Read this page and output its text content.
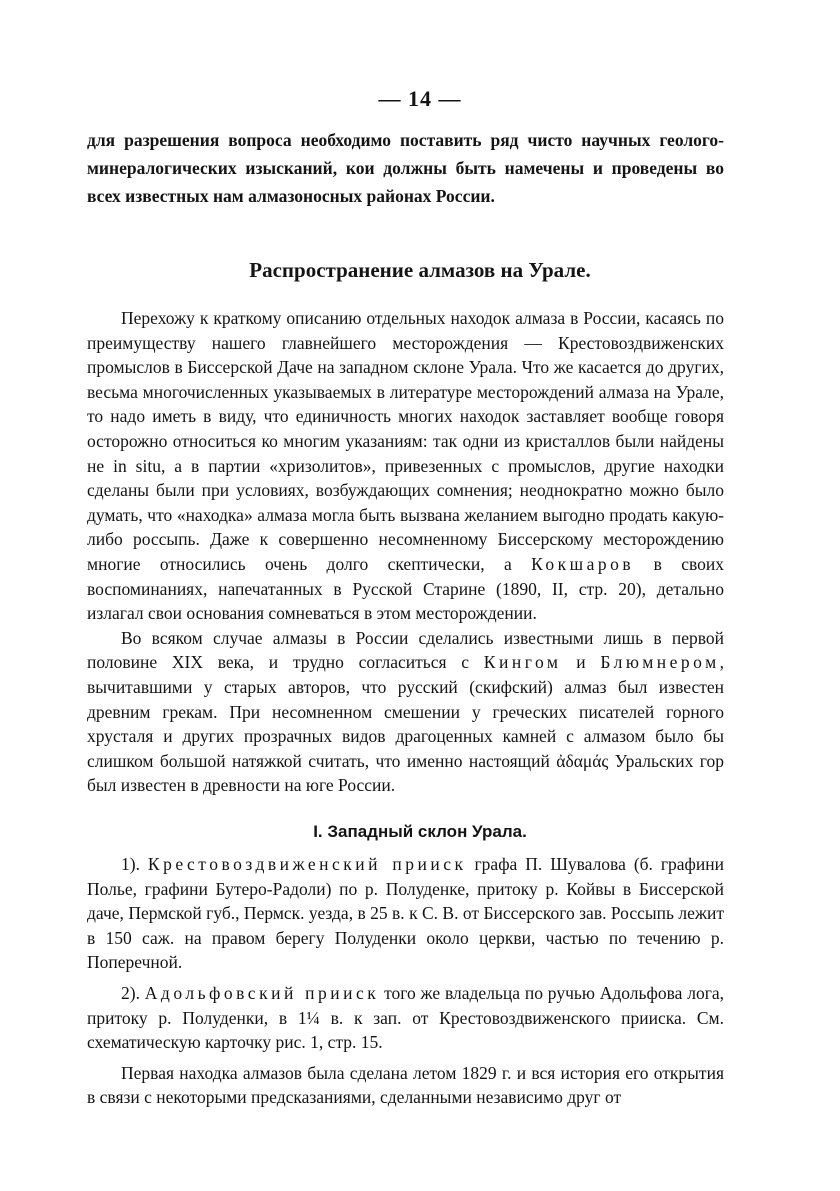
— 14 —

для разрешения вопроса необходимо поставить ряд чисто научных геолого-минералогических изысканий, кои должны быть намечены и проведены во всех известных нам алмазоносных районах России.

Распространение алмазов на Урале.

Перехожу к краткому описанию отдельных находок алмаза в России, касаясь по преимуществу нашего главнейшего месторождения — Крестовоздвиженских промыслов в Биссерской Даче на западном склоне Урала. Что же касается до других, весьма многочисленных указываемых в литературе месторождений алмаза на Урале, то надо иметь в виду, что единичность многих находок заставляет вообще говоря осторожно относиться ко многим указаниям: так одни из кристаллов были найдены не in situ, а в партии «хризолитов», привезенных с промыслов, другие находки сделаны были при условиях, возбуждающих сомнения; неоднократно можно было думать, что «находка» алмаза могла быть вызвана желанием выгодно продать какую-либо россыпь. Даже к совершенно несомненному Биссерскому месторождению многие относились очень долго скептически, а Кокшаров в своих воспоминаниях, напечатанных в Русской Старине (1890, II, стр. 20), детально излагал свои основания сомневаться в этом месторождении.

Во всяком случае алмазы в России сделались известными лишь в первой половине XIX века, и трудно согласиться с Кингом и Блюмнером, вычитавшими у старых авторов, что русский (скифский) алмаз был известен древним грекам. При несомненном смешении у греческих писателей горного хрусталя и других прозрачных видов драгоценных камней с алмазом было бы слишком большой натяжкой считать, что именно настоящий ἀδαμάς Уральских гор был известен в древности на юге России.

I. Западный склон Урала.

1). Крестовоздвиженский прииск графа П. Шувалова (б. графини Полье, графини Бутеро-Радоли) по р. Полуденке, притоку р. Койвы в Биссерской даче, Пермской губ., Пермск. уезда, в 25 в. к С. В. от Биссерского зав. Россыпь лежит в 150 саж. на правом берегу Полуденки около церкви, частью по течению р. Поперечной.

2). Адольфовский прииск того же владельца по ручью Адольфова лога, притоку р. Полуденки, в 1¼ в. к зап. от Крестовоздвиженского прииска. См. схематическую карточку рис. 1, стр. 15.

Первая находка алмазов была сделана летом 1829 г. и вся история его открытия в связи с некоторыми предсказаниями, сделанными независимо друг от
